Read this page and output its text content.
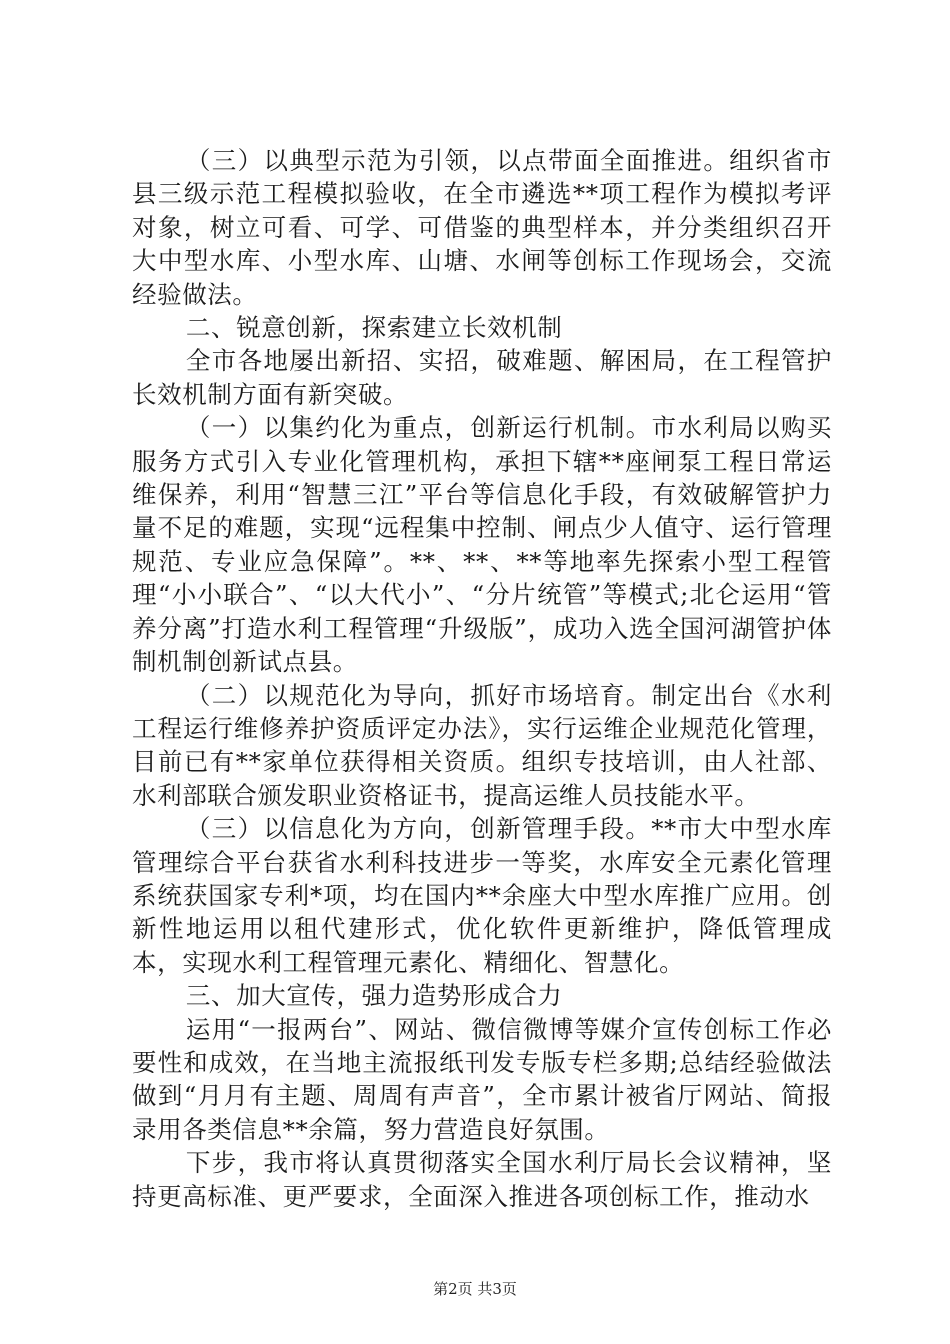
（三）以典型示范为引领，以点带面全面推进。组织省市县三级示范工程模拟验收，在全市遴选**项工程作为模拟考评对象，树立可看、可学、可借鉴的典型样本，并分类组织召开大中型水库、小型水库、山塘、水闸等创标工作现场会，交流经验做法。

二、锐意创新，探索建立长效机制

全市各地屡出新招、实招，破难题、解困局，在工程管护长效机制方面有新突破。

（一）以集约化为重点，创新运行机制。市水利局以购买服务方式引入专业化管理机构，承担下辖**座闸泵工程日常运维保养，利用“智慧三江”平台等信息化手段，有效破解管护力量不足的难题，实现“远程集中控制、闸点少人值守、运行管理规范、专业应急保障”。**、**、**等地率先探索小型工程管理“小小联合”、“以大代小”、“分片统管”等模式;北仑运用“管养分离”打造水利工程管理“升级版”，成功入选全国河湖管护体制机制创新试点县。

（二）以规范化为导向，抓好市场培育。制定出台《水利工程运行维修养护资质评定办法》，实行运维企业规范化管理，目前已有**家单位获得相关资质。组织专技培训，由人社部、水利部联合颁发职业资格证书，提高运维人员技能水平。

（三）以信息化为方向，创新管理手段。**市大中型水库管理综合平台获省水利科技进步一等奖，水库安全元素化管理系统获国家专利*项，均在国内**余座大中型水库推广应用。创新性地运用以租代建形式，优化软件更新维护，降低管理成本，实现水利工程管理元素化、精细化、智慧化。

三、加大宣传，强力造势形成合力

运用“一报两台”、网站、微信微博等媒介宣传创标工作必要性和成效，在当地主流报纸刊发专版专栏多期;总结经验做法做到“月月有主题、周周有声音”，全市累计被省厅网站、简报录用各类信息**余篇，努力营造良好氛围。

下步，我市将认真贯彻落实全国水利厅局长会议精神，坚持更高标准、更严要求，全面深入推进各项创标工作，推动水

第2页 共3页
